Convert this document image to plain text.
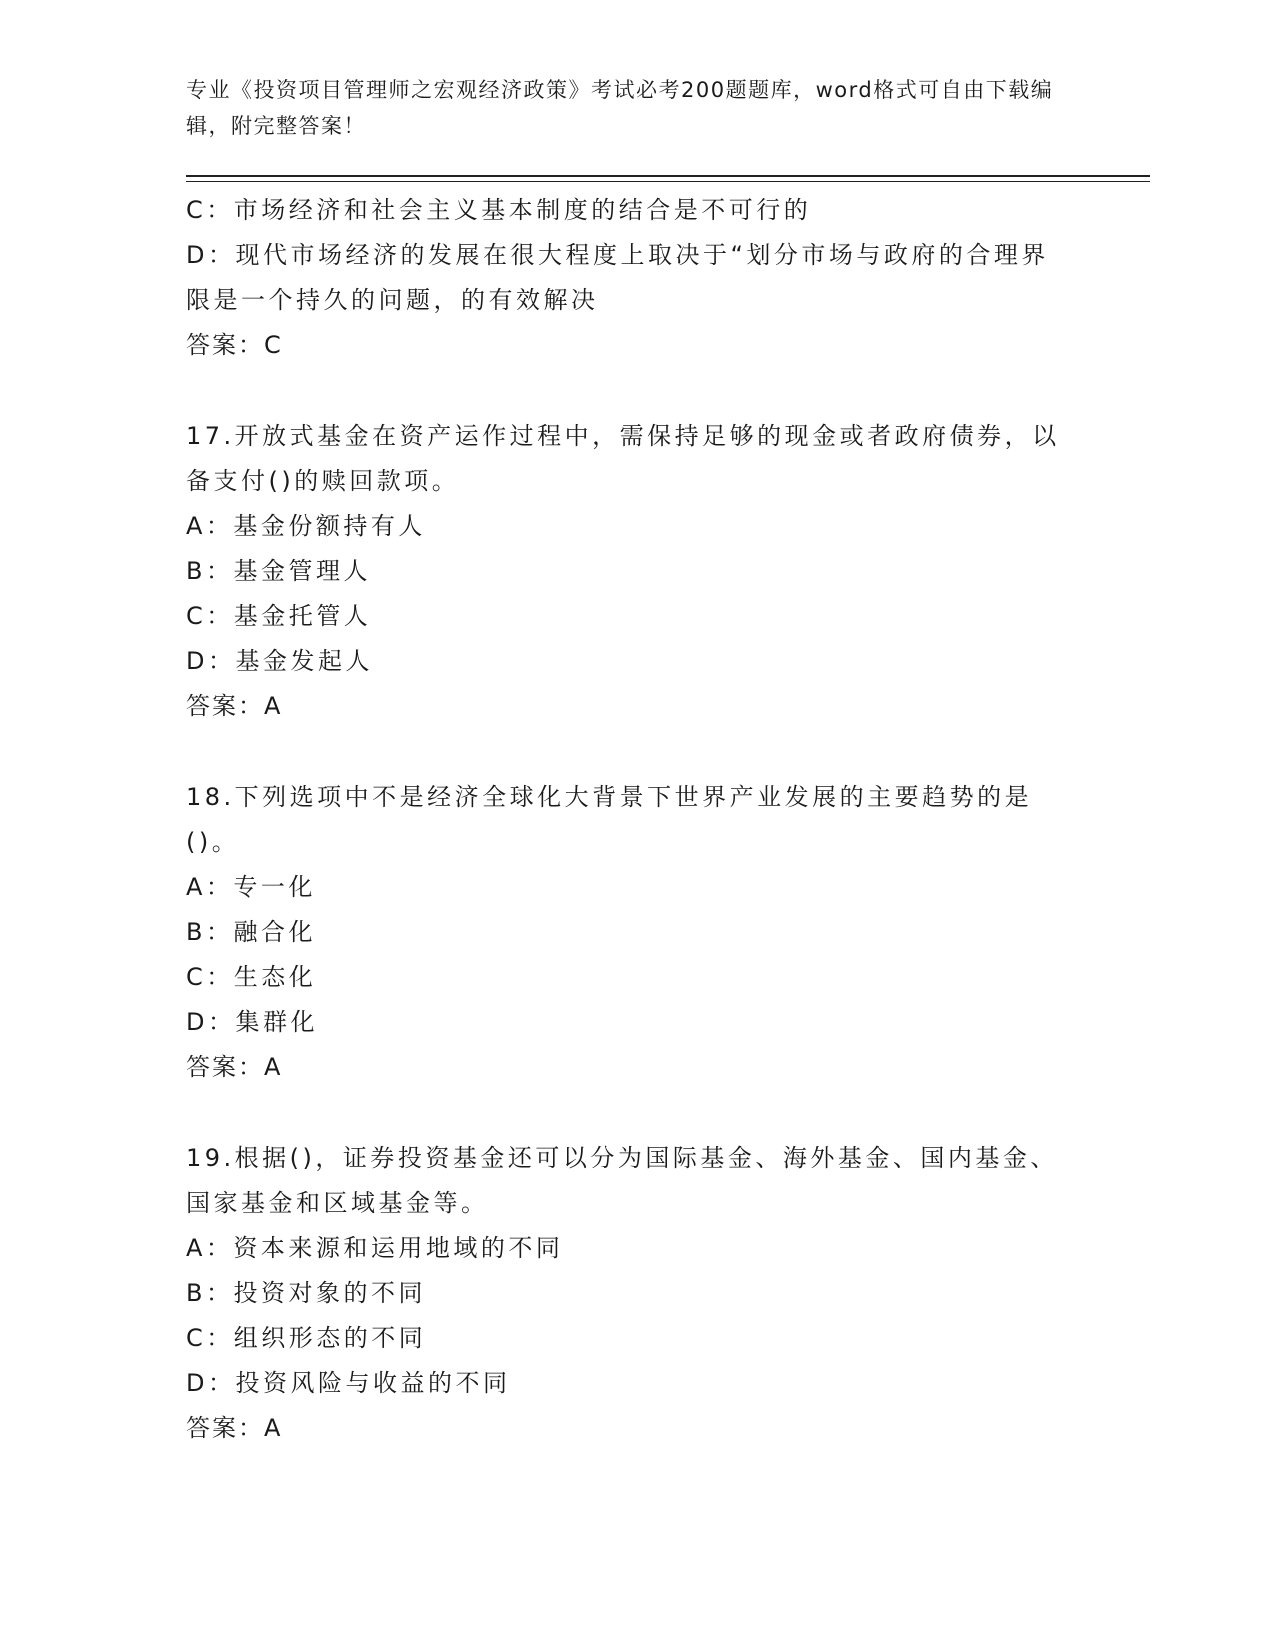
专业《投资项目管理师之宏观经济政策》考试必考200题题库，word格式可自由下载编辑，附完整答案！
C：市场经济和社会主义基本制度的结合是不可行的
D：现代市场经济的发展在很大程度上取决于“划分市场与政府的合理界限是一个持久的问题，的有效解决
答案：C
17.开放式基金在资产运作过程中，需保持足够的现金或者政府债券，以备支付()的赎回款项。
A：基金份额持有人
B：基金管理人
C：基金托管人
D：基金发起人
答案：A
18.下列选项中不是经济全球化大背景下世界产业发展的主要趋势的是()。
A：专一化
B：融合化
C：生态化
D：集群化
答案：A
19.根据()，证券投资基金还可以分为国际基金、海外基金、国内基金、国家基金和区域基金等。
A：资本来源和运用地域的不同
B：投资对象的不同
C：组织形态的不同
D：投资风险与收益的不同
答案：A
